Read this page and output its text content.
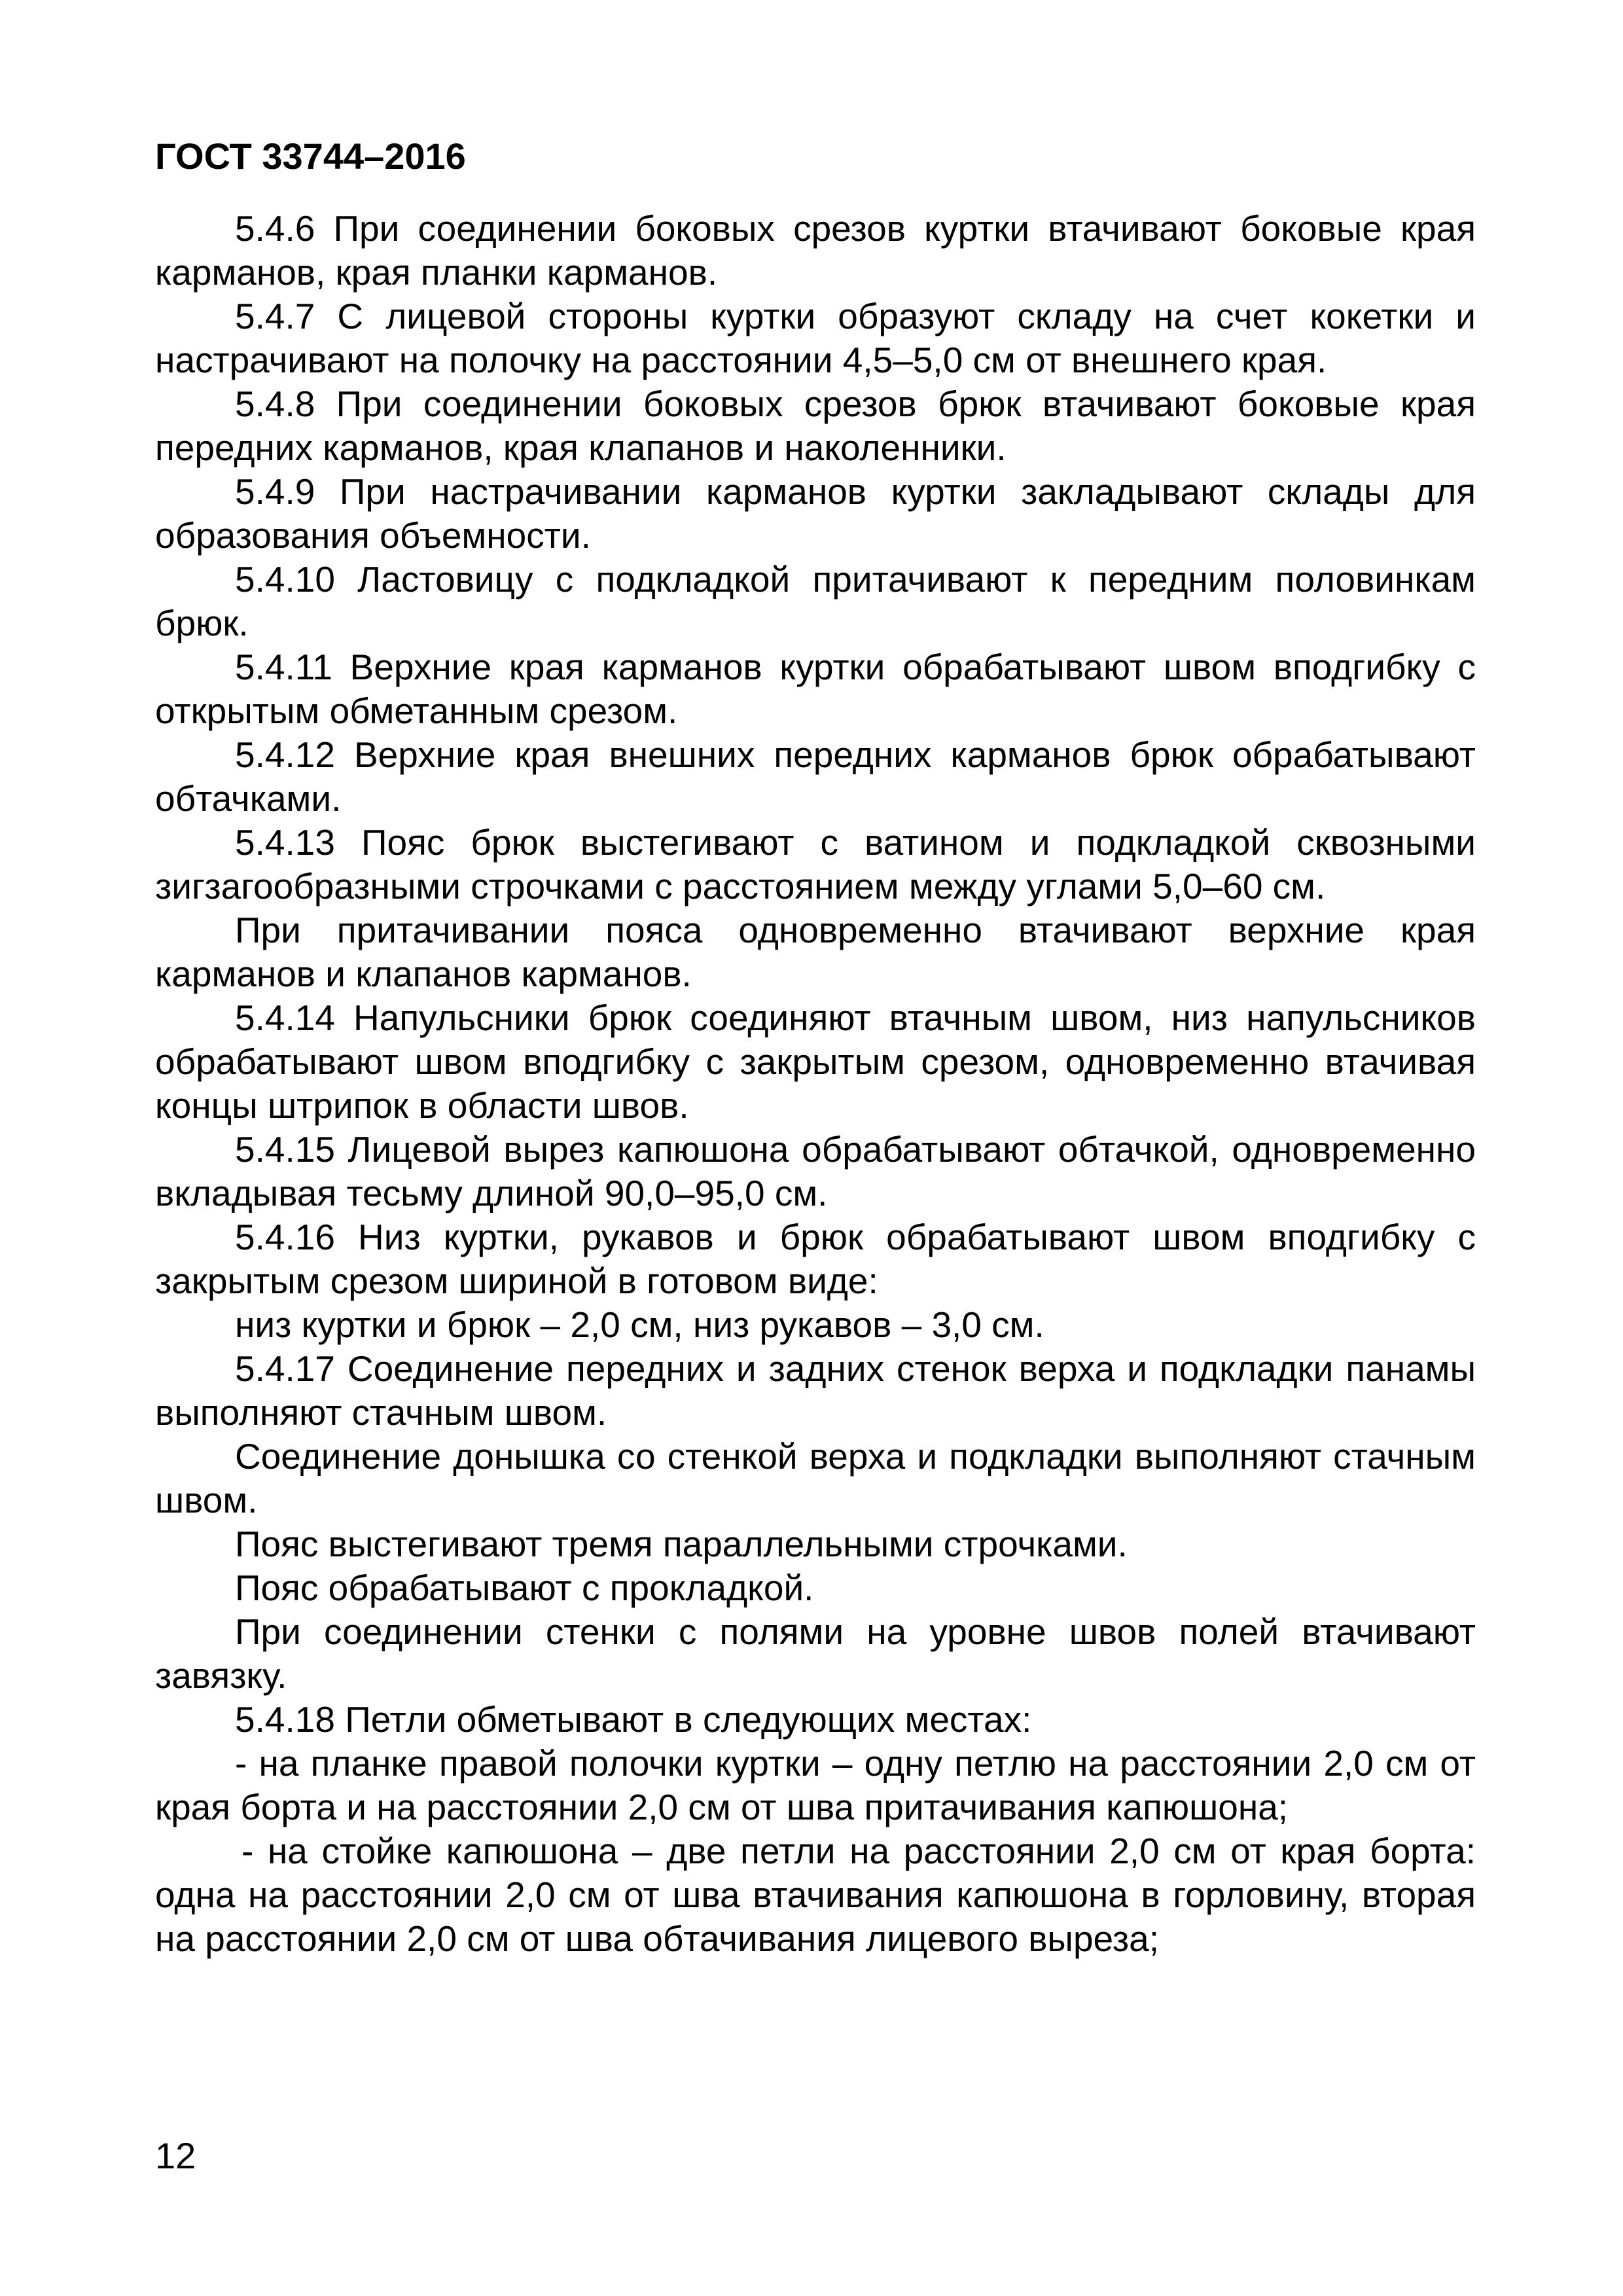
ГОСТ 33744–2016

5.4.6 При соединении боковых срезов куртки втачивают боковые края карманов, края планки карманов.

5.4.7 С лицевой стороны куртки образуют складу на счет кокетки и настрачивают на полочку на расстоянии 4,5–5,0 см от внешнего края.

5.4.8 При соединении боковых срезов брюк втачивают боковые края передних карманов, края клапанов и наколенники.

5.4.9 При настрачивании карманов куртки закладывают склады для образования объемности.

5.4.10 Ластовицу с подкладкой притачивают к передним половинкам брюк.

5.4.11 Верхние края карманов куртки обрабатывают швом вподгибку с открытым обметанным срезом.

5.4.12 Верхние края внешних передних карманов брюк обрабатывают обтачками.

5.4.13 Пояс брюк выстегивают с ватином и подкладкой сквозными зигзагообразными строчками с расстоянием между углами 5,0–60 см.

При притачивании пояса одновременно втачивают верхние края карманов и клапанов карманов.

5.4.14 Напульсники брюк соединяют втачным швом, низ напульсников обрабатывают швом вподгибку с закрытым срезом, одновременно втачивая концы штрипок в области швов.

5.4.15 Лицевой вырез капюшона обрабатывают обтачкой, одновременно вкладывая тесьму длиной 90,0–95,0 см.

5.4.16 Низ куртки, рукавов и брюк обрабатывают швом вподгибку с закрытым срезом шириной в готовом виде:

низ куртки и брюк – 2,0 см, низ рукавов – 3,0 см.

5.4.17 Соединение передних и задних стенок верха и подкладки панамы выполняют стачным швом.

Соединение донышка со стенкой верха и подкладки выполняют стачным швом.

Пояс выстегивают тремя параллельными строчками.

Пояс обрабатывают с прокладкой.

При соединении стенки с полями на уровне швов полей втачивают завязку.

5.4.18 Петли обметывают в следующих местах:

- на планке правой полочки куртки – одну петлю на расстоянии 2,0 см от края борта и на расстоянии 2,0 см от шва притачивания капюшона;

- на стойке капюшона – две петли на расстоянии 2,0 см от края борта: одна на расстоянии 2,0 см от шва втачивания капюшона в горловину, вторая на расстоянии 2,0 см от шва обтачивания лицевого выреза;

12
